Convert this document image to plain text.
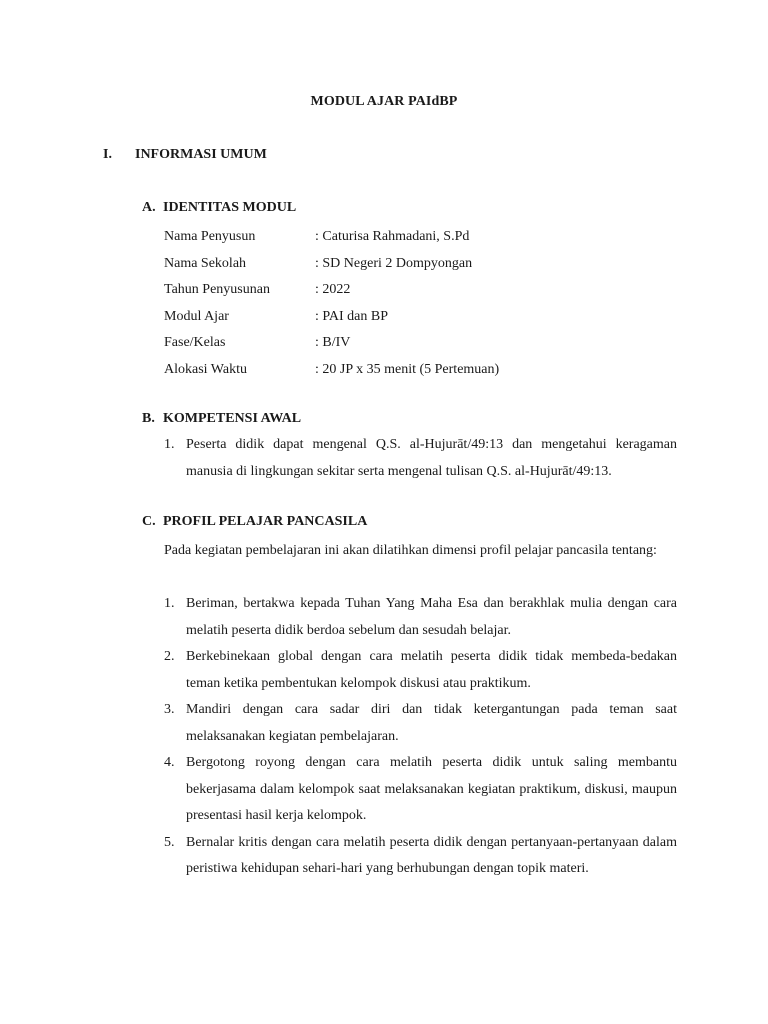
MODUL AJAR PAIdBP
I. INFORMASI UMUM
A. IDENTITAS MODUL
Nama Penyusun	: Caturisa Rahmadani, S.Pd
Nama Sekolah	: SD Negeri 2 Dompyongan
Tahun Penyusunan	: 2022
Modul Ajar	: PAI dan BP
Fase/Kelas	: B/IV
Alokasi Waktu	: 20 JP x 35 menit (5 Pertemuan)
B. KOMPETENSI AWAL
1. Peserta didik dapat mengenal Q.S. al-Hujurāt/49:13 dan mengetahui keragaman manusia di lingkungan sekitar serta mengenal tulisan Q.S. al-Hujurāt/49:13.
C. PROFIL PELAJAR PANCASILA

Pada kegiatan pembelajaran ini akan dilatihkan dimensi profil pelajar pancasila tentang:

1. Beriman, bertakwa kepada Tuhan Yang Maha Esa dan berakhlak mulia dengan cara melatih peserta didik berdoa sebelum dan sesudah belajar.
2. Berkebinekaan global dengan cara melatih peserta didik tidak membeda-bedakan teman ketika pembentukan kelompok diskusi atau praktikum.
3. Mandiri dengan cara sadar diri dan tidak ketergantungan pada teman saat melaksanakan kegiatan pembelajaran.
4. Bergotong royong dengan cara melatih peserta didik untuk saling membantu bekerjasama dalam kelompok saat melaksanakan kegiatan praktikum, diskusi, maupun presentasi hasil kerja kelompok.
5. Bernalar kritis dengan cara melatih peserta didik dengan pertanyaan-pertanyaan dalam peristiwa kehidupan sehari-hari yang berhubungan dengan topik materi.
